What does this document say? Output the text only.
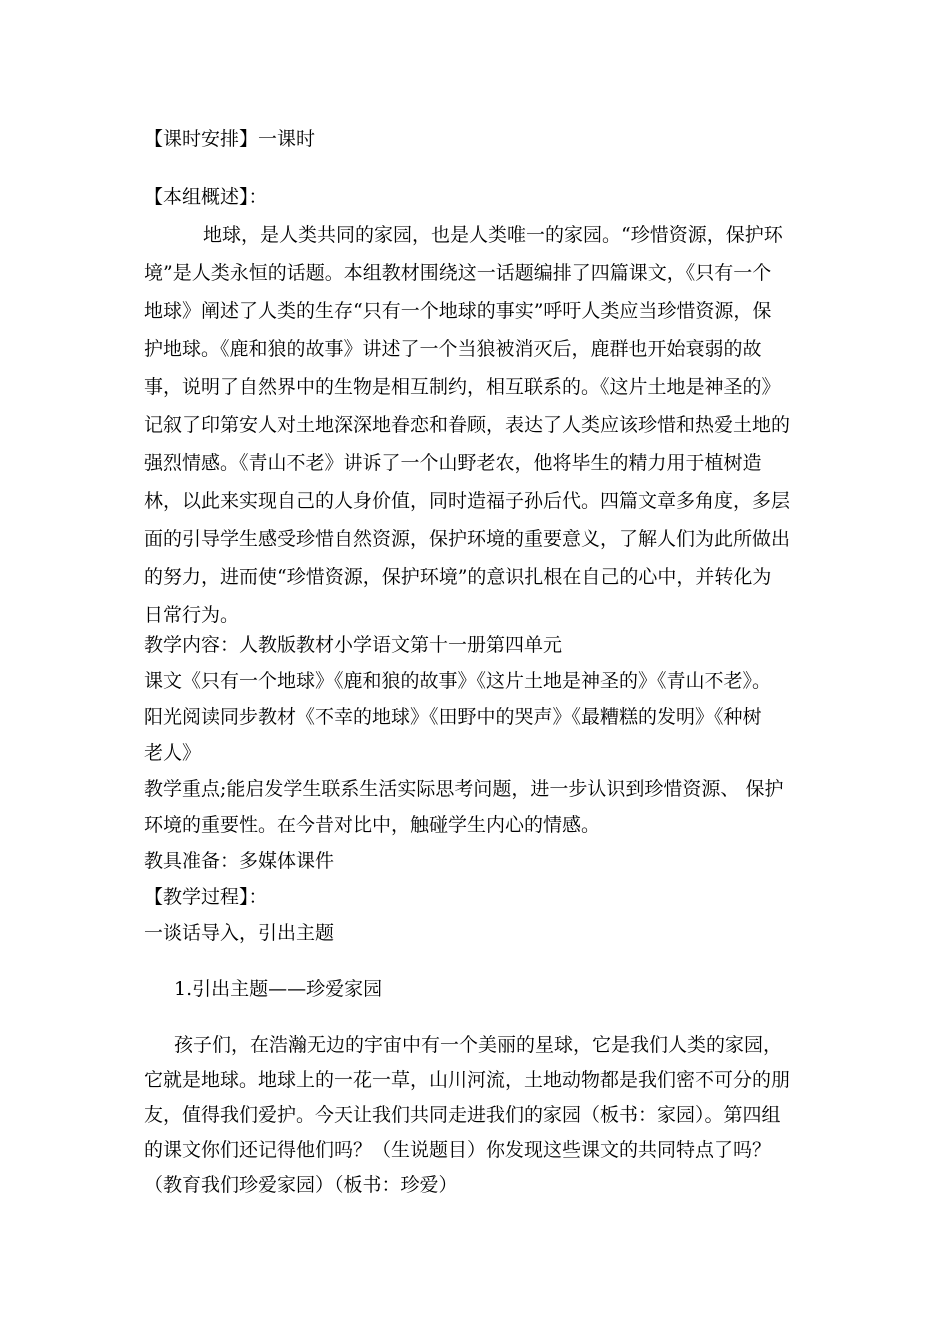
【课时安排】一课时
【本组概述】：
地球，是人类共同的家园，也是人类唯一的家园。“珍惜资源，保护环
境”是人类永恒的话题。本组教材围绕这一话题编排了四篇课文，《只有一个
地球》阐述了人类的生存“只有一个地球的事实”呼吁人类应当珍惜资源，保
护地球。《鹿和狼的故事》讲述了一个当狼被消灭后，鹿群也开始衰弱的故
事，说明了自然界中的生物是相互制约，相互联系的。《这片土地是神圣的》
记叙了印第安人对土地深深地眷恋和眷顾，表达了人类应该珍惜和热爱土地的
强烈情感。《青山不老》讲诉了一个山野老农，他将毕生的精力用于植树造
林，以此来实现自己的人身价值，同时造福子孙后代。四篇文章多角度，多层
面的引导学生感受珍惜自然资源，保护环境的重要意义，了解人们为此所做出
的努力，进而使“珍惜资源，保护环境”的意识扎根在自己的心中，并转化为
日常行为。
教学内容：人教版教材小学语文第十一册第四单元
课文《只有一个地球》《鹿和狼的故事》《这片土地是神圣的》《青山不老》。
阳光阅读同步教材《不幸的地球》《田野中的哭声》《最糟糕的发明》《种树
老人》
教学重点;能启发学生联系生活实际思考问题，进一步认识到珍惜资源、 保护
环境的重要性。在今昔对比中，触碰学生内心的情感。
教具准备：多媒体课件
【教学过程】：
一谈话导入，引出主题
1.引出主题——珍爱家园
孩子们，在浩瀚无边的宇宙中有一个美丽的星球，它是我们人类的家园，
它就是地球。地球上的一花一草，山川河流，土地动物都是我们密不可分的朋
友，值得我们爱护。今天让我们共同走进我们的家园（板书：家园）。第四组
的课文你们还记得他们吗？（生说题目）你发现这些课文的共同特点了吗？
（教育我们珍爱家园）（板书：珍爱）
